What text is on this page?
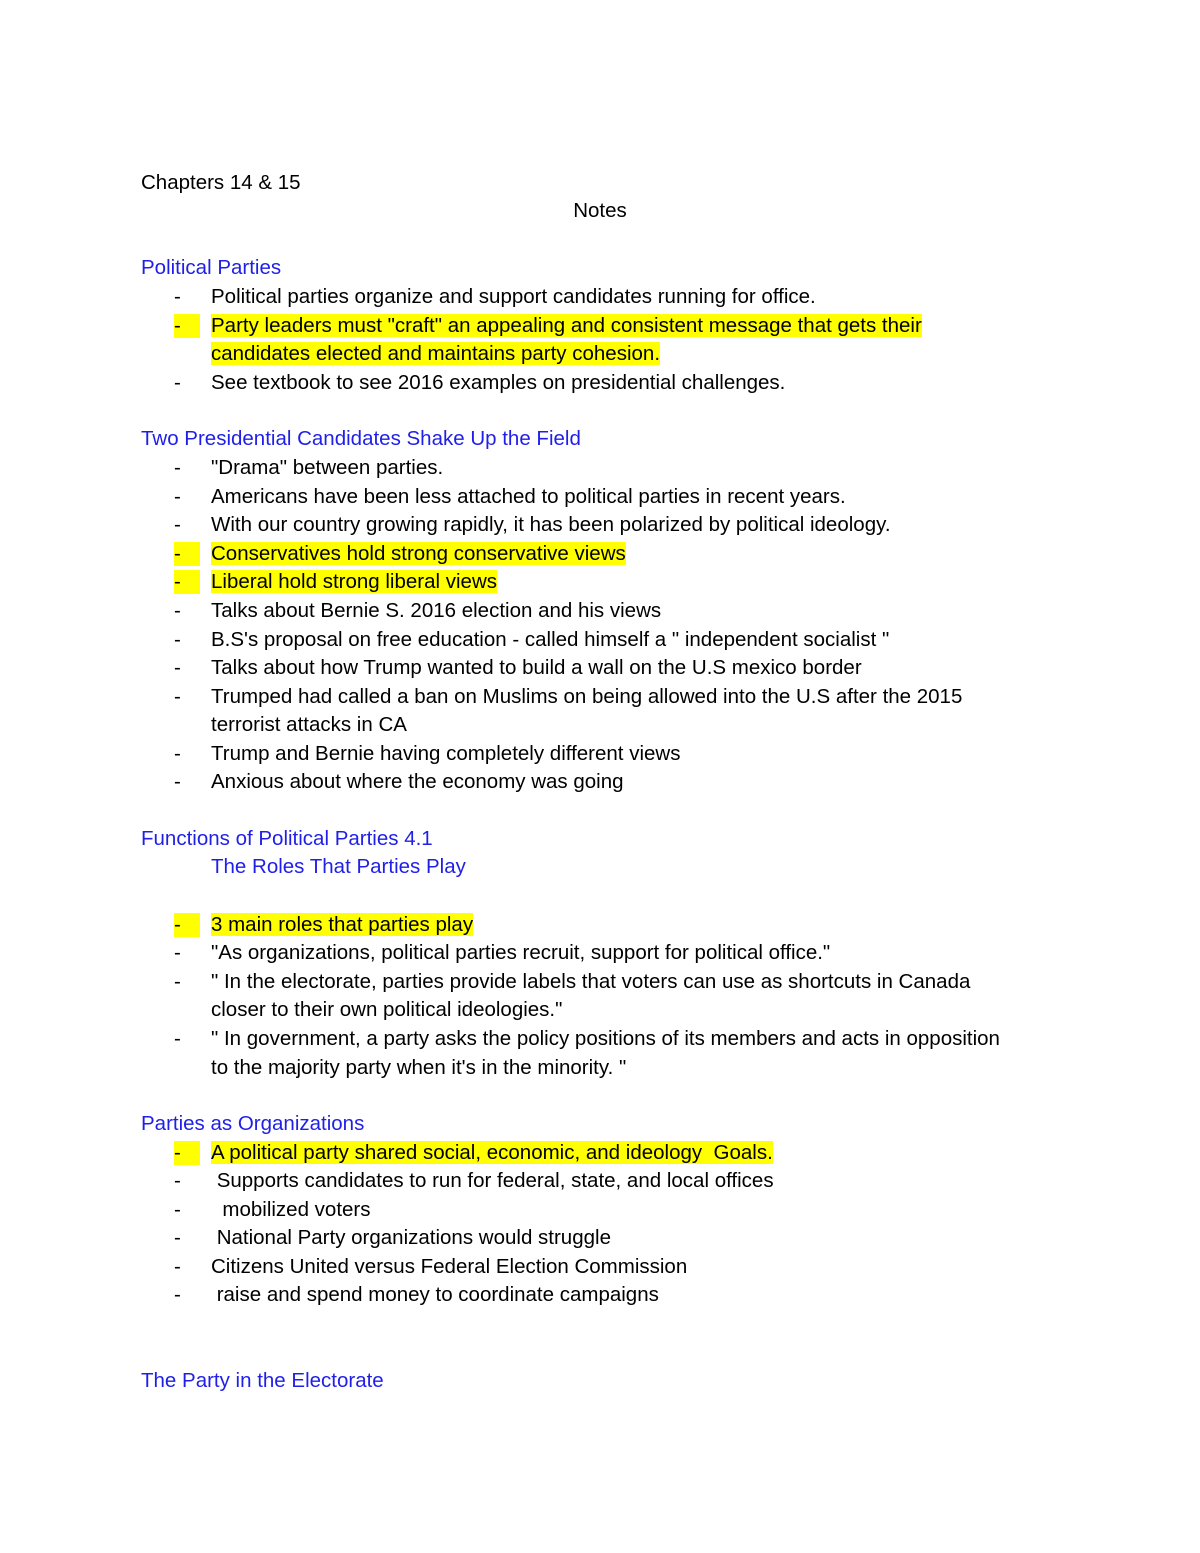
Chapters 14 & 15
Notes
Political Parties
-	Political parties organize and support candidates running for office.
-	Party leaders must "craft" an appealing and consistent message that gets their
candidates elected and maintains party cohesion.
-	See textbook to see 2016 examples on presidential challenges.
Two Presidential Candidates Shake Up the Field
-	"Drama" between parties.
-	Americans have been less attached to political parties in recent years.
-	With our country growing rapidly, it has been polarized by political ideology.
-	Conservatives hold strong conservative views
-	Liberal hold strong liberal views
-	Talks about Bernie S. 2016 election and his views
-	B.S's proposal on free education - called himself a " independent socialist "
-	Talks about how Trump wanted to build a wall on the U.S mexico border
-	Trumped had called a ban on Muslims on being allowed into the U.S after the 2015
terrorist attacks in CA
-	Trump and Bernie having completely different views
-	Anxious about where the economy was going
Functions of Political Parties 4.1
The Roles That Parties Play
-	3 main roles that parties play
-	"As organizations, political parties recruit, support for political office."
-	" In the electorate, parties provide labels that voters can use as shortcuts in Canada
closer to their own political ideologies."
-	" In government, a party asks the policy positions of its members and acts in opposition
to the majority party when it's in the minority. "
Parties as Organizations
-	A political party shared social, economic, and ideology  Goals.
-	Supports candidates to run for federal, state, and local offices
-	mobilized voters
-	National Party organizations would struggle
-	Citizens United versus Federal Election Commission
-	raise and spend money to coordinate campaigns
The Party in the Electorate
